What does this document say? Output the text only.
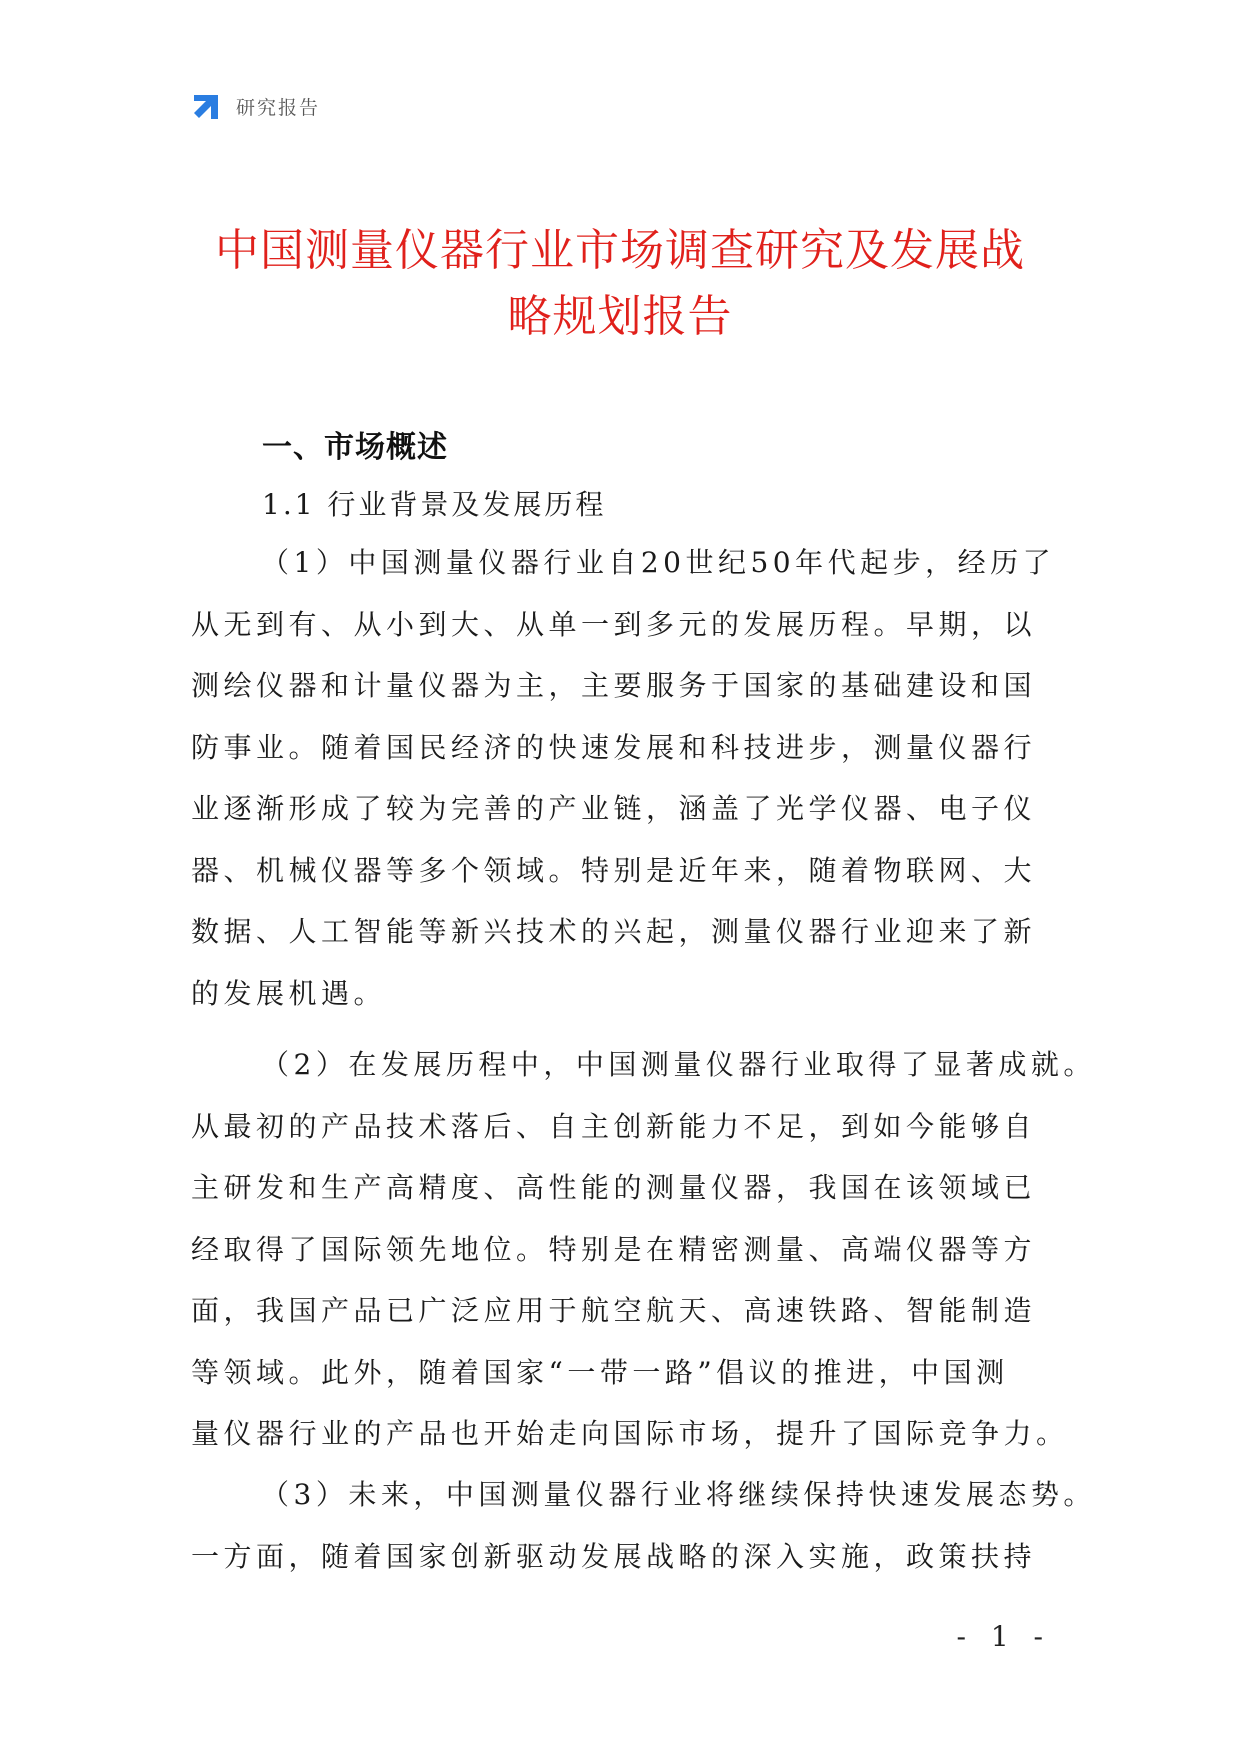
研究报告
中国测量仪器行业市场调查研究及发展战
略规划报告
一、市场概述
1.1 行业背景及发展历程
（1）中国测量仪器行业自20世纪50年代起步，经历了
从无到有、从小到大、从单一到多元的发展历程。早期，以
测绘仪器和计量仪器为主，主要服务于国家的基础建设和国
防事业。随着国民经济的快速发展和科技进步，测量仪器行
业逐渐形成了较为完善的产业链，涵盖了光学仪器、电子仪
器、机械仪器等多个领域。特别是近年来，随着物联网、大
数据、人工智能等新兴技术的兴起，测量仪器行业迎来了新
的发展机遇。
（2）在发展历程中，中国测量仪器行业取得了显著成就。
从最初的产品技术落后、自主创新能力不足，到如今能够自
主研发和生产高精度、高性能的测量仪器，我国在该领域已
经取得了国际领先地位。特别是在精密测量、高端仪器等方
面，我国产品已广泛应用于航空航天、高速铁路、智能制造
等领域。此外，随着国家“一带一路”倡议的推进，中国测
量仪器行业的产品也开始走向国际市场，提升了国际竞争力。
（3）未来，中国测量仪器行业将继续保持快速发展态势。
一方面，随着国家创新驱动发展战略的深入实施，政策扶持
- 1 -
